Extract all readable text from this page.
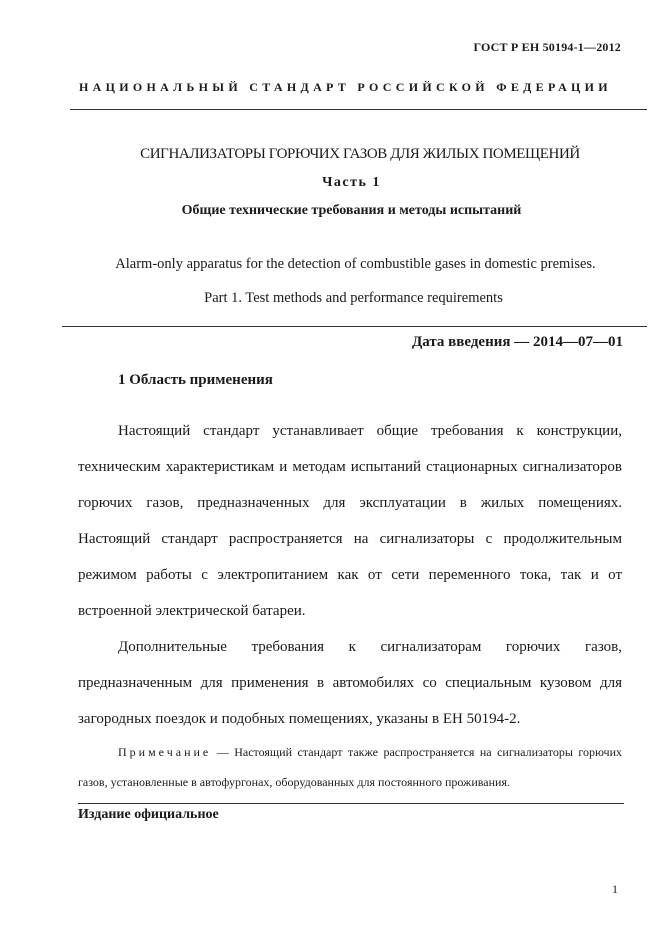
ГОСТ Р ЕН 50194-1—2012
НАЦИОНАЛЬНЫЙ СТАНДАРТ РОССИЙСКОЙ ФЕДЕРАЦИИ
СИГНАЛИЗАТОРЫ ГОРЮЧИХ ГАЗОВ ДЛЯ ЖИЛЫХ ПОМЕЩЕНИЙ
Часть 1
Общие технические требования и методы испытаний
Alarm-only apparatus for the detection of combustible gases in domestic premises.
Part 1. Test methods and performance requirements
Дата введения — 2014—07—01
1 Область применения
Настоящий стандарт устанавливает общие требования к конструкции, техническим характеристикам и методам испытаний стационарных сигнализаторов горючих газов, предназначенных для эксплуатации в жилых помещениях. Настоящий стандарт распространяется на сигнализаторы с продолжительным режимом работы с электропитанием как от сети переменного тока, так и от встроенной электрической батареи.
Дополнительные требования к сигнализаторам горючих газов, предназначенным для применения в автомобилях со специальным кузовом для загородных поездок и подобных помещениях, указаны в ЕН 50194-2.
Примечание — Настоящий стандарт также распространяется на сигнализаторы горючих газов, установленные в автофургонах, оборудованных для постоянного проживания.
Издание официальное
1
